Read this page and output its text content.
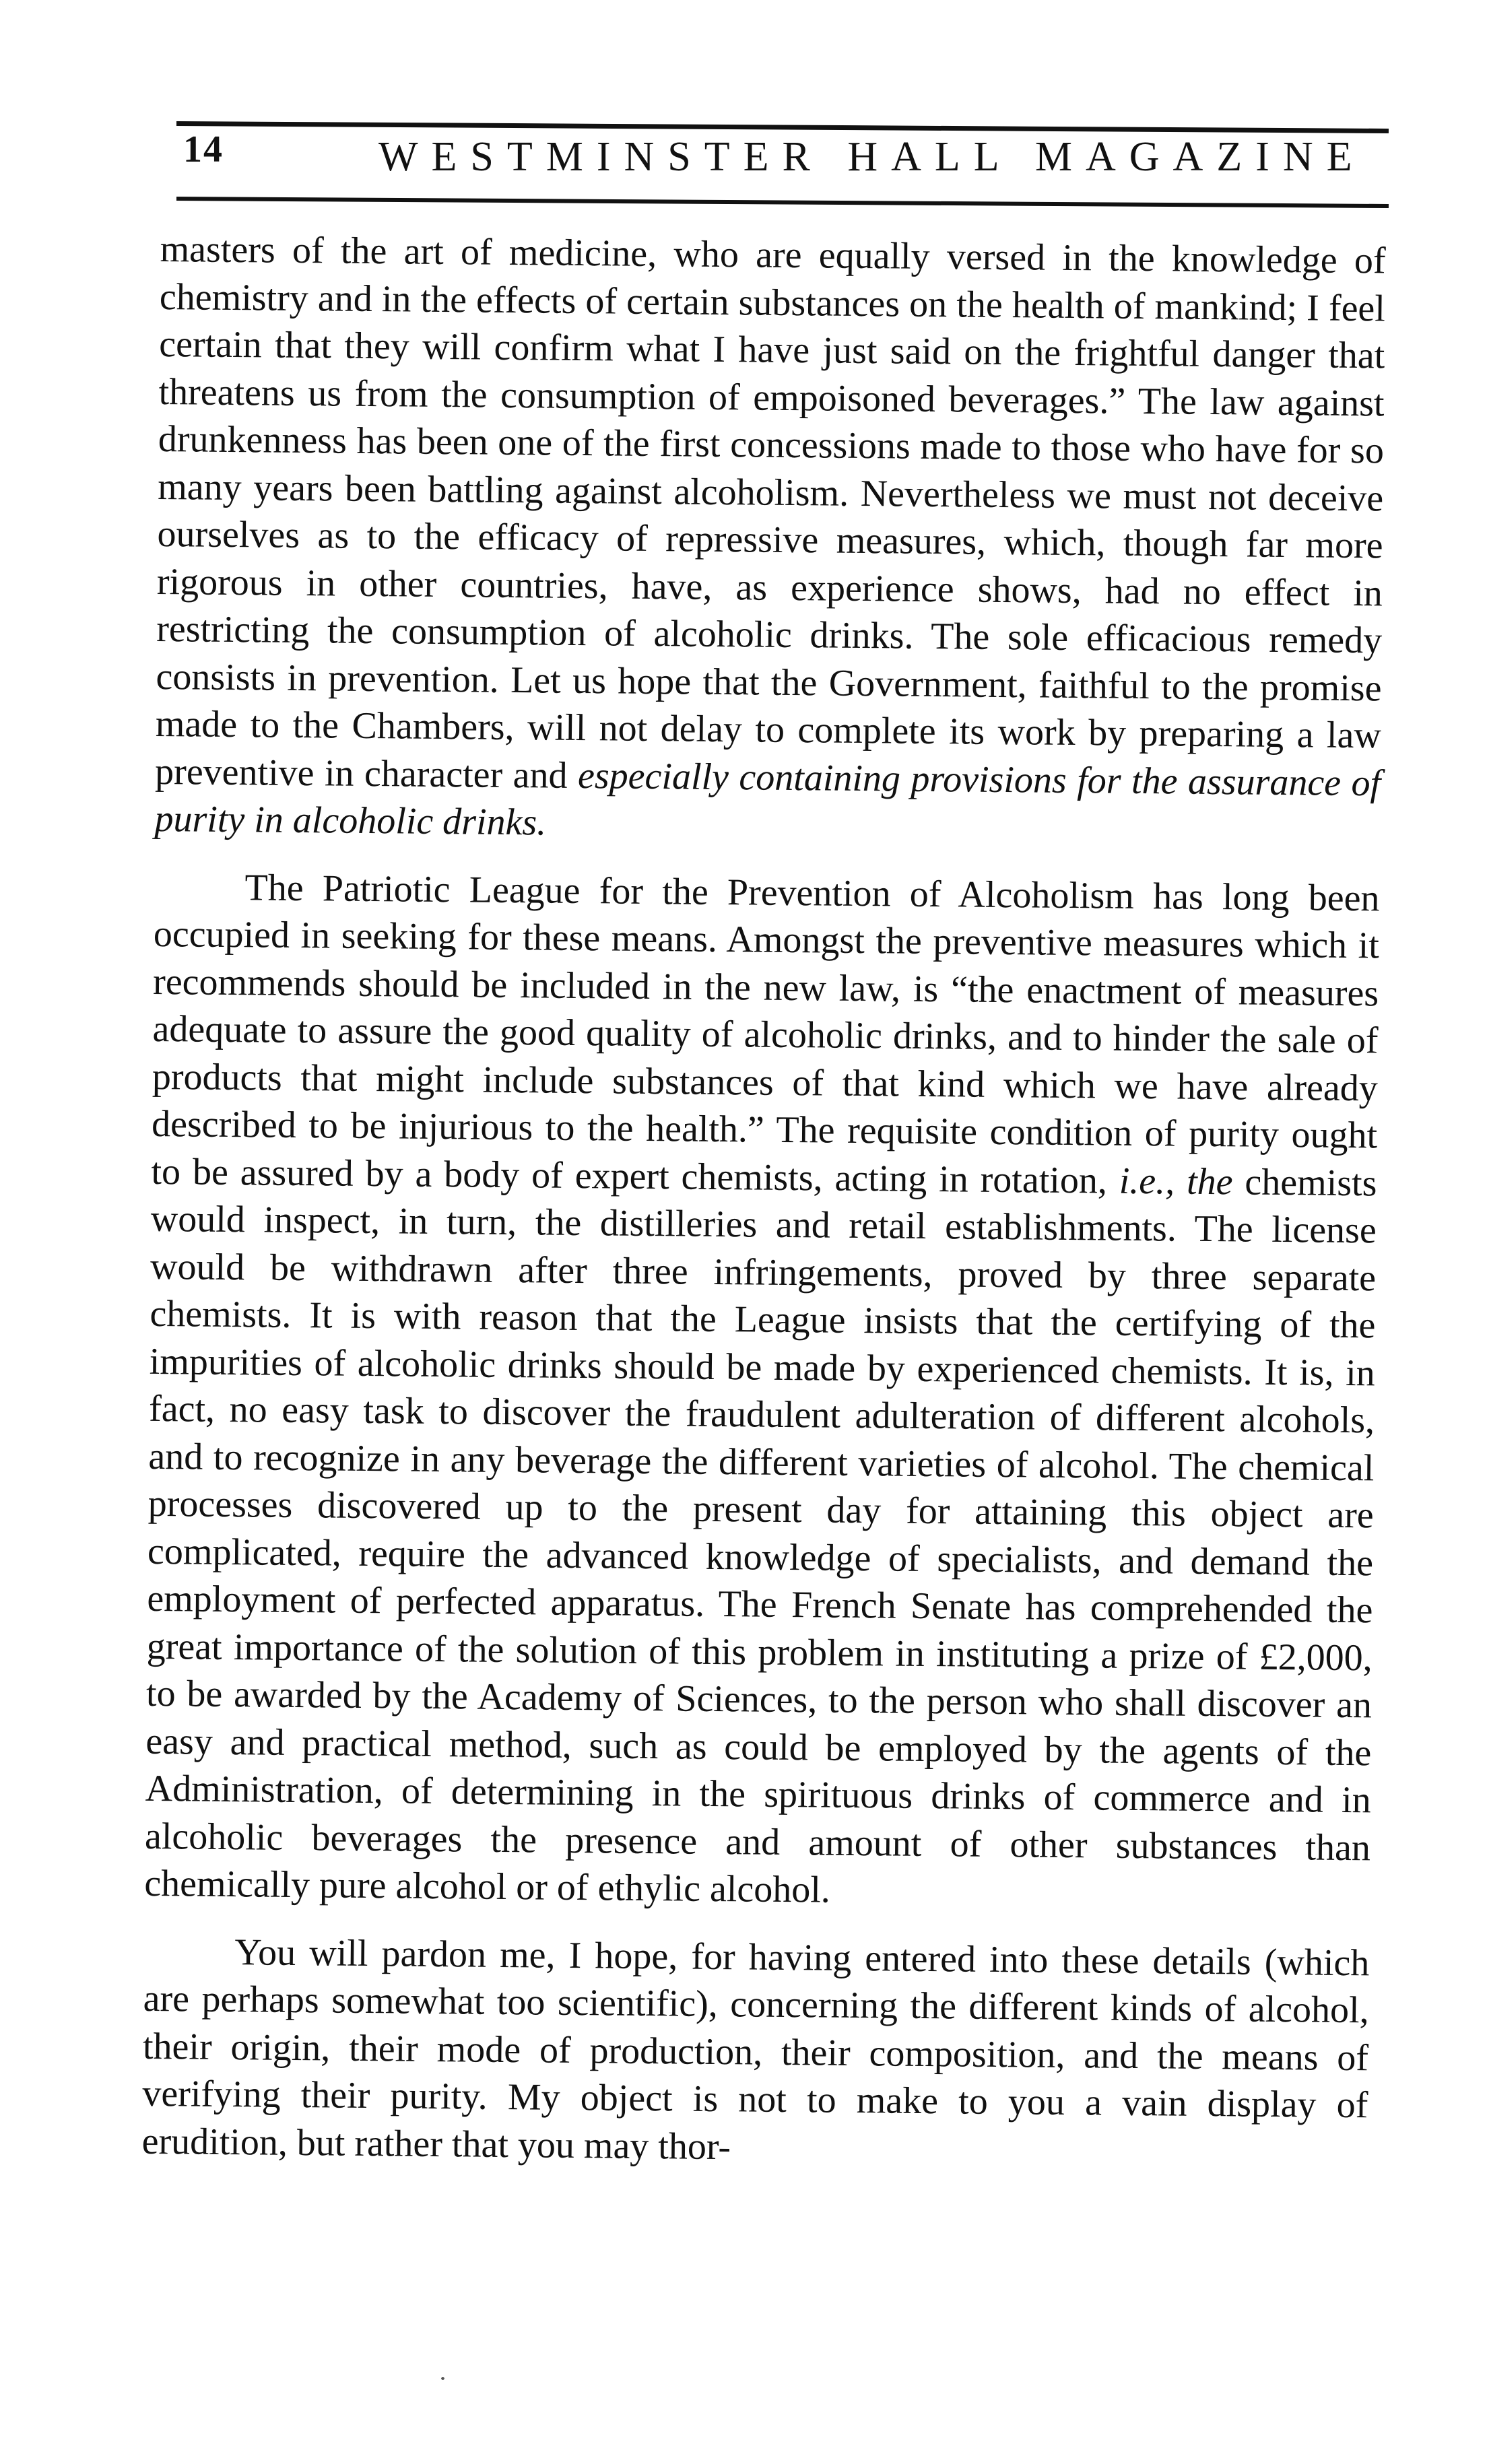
14	WESTMINSTER HALL MAGAZINE

masters of the art of medicine, who are equally versed in the knowledge of chemistry and in the effects of certain substances on the health of mankind; I feel certain that they will confirm what I have just said on the frightful danger that threatens us from the consumption of empoisoned beverages.” The law against drunkenness has been one of the first concessions made to those who have for so many years been battling against alcoholism. Nevertheless we must not deceive ourselves as to the efficacy of repressive measures, which, though far more rigorous in other countries, have, as experience shows, had no effect in restricting the consumption of alcoholic drinks. The sole efficacious remedy consists in prevention. Let us hope that the Government, faithful to the promise made to the Chambers, will not delay to complete its work by preparing a law preventive in character and especially containing provisions for the assurance of purity in alcoholic drinks.

The Patriotic League for the Prevention of Alcoholism has long been occupied in seeking for these means. Amongst the preventive measures which it recommends should be included in the new law, is “the enactment of measures adequate to assure the good quality of alcoholic drinks, and to hinder the sale of products that might include substances of that kind which we have already described to be injurious to the health.” The requisite condition of purity ought to be assured by a body of expert chemists, acting in rotation, i.e., the chemists would inspect, in turn, the distilleries and retail establishments. The license would be withdrawn after three infringements, proved by three separate chemists. It is with reason that the League insists that the certifying of the impurities of alcoholic drinks should be made by experienced chemists. It is, in fact, no easy task to discover the fraudulent adulteration of different alcohols, and to recognize in any beverage the different varieties of alcohol. The chemical processes discovered up to the present day for attaining this object are complicated, require the advanced knowledge of specialists, and demand the employment of perfected apparatus. The French Senate has comprehended the great importance of the solution of this problem in instituting a prize of £2,000, to be awarded by the Academy of Sciences, to the person who shall discover an easy and practical method, such as could be employed by the agents of the Administration, of determining in the spirituous drinks of commerce and in alcoholic beverages the presence and amount of other substances than chemically pure alcohol or of ethylic alcohol.

You will pardon me, I hope, for having entered into these details (which are perhaps somewhat too scientific), concerning the different kinds of alcohol, their origin, their mode of production, their composition, and the means of verifying their purity. My object is not to make to you a vain display of erudition, but rather that you may thor-
